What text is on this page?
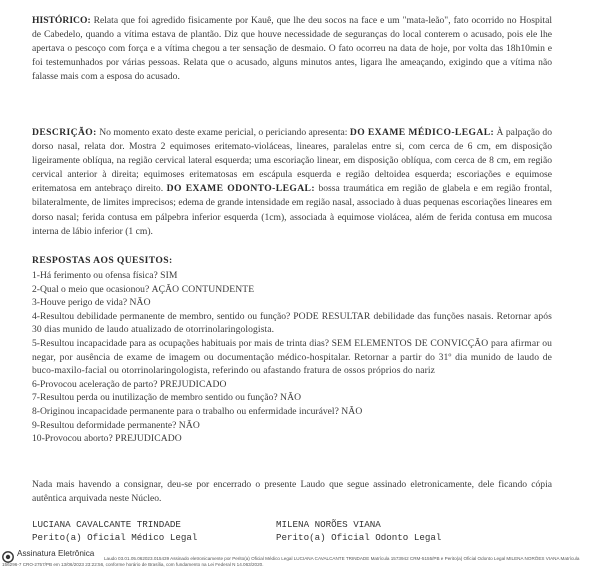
HISTÓRICO: Relata que foi agredido fisicamente por Kauê, que lhe deu socos na face e um "mata-leão", fato ocorrido no Hospital de Cabedelo, quando a vítima estava de plantão. Diz que houve necessidade de seguranças do local conterem o acusado, pois ele lhe apertava o pescoço com força e a vítima chegou a ter sensação de desmaio. O fato ocorreu na data de hoje, por volta das 18h10min e foi testemunhados por várias pessoas. Relata que o acusado, alguns minutos antes, ligara lhe ameaçando, exigindo que a vítima não falasse mais com a esposa do acusado.

DESCRIÇÃO: No momento exato deste exame pericial, o periciando apresenta: DO EXAME MÉDICO-LEGAL: À palpação do dorso nasal, relata dor. Mostra 2 equimoses eritemato-violáceas, lineares, paralelas entre si, com cerca de 6 cm, em disposição ligeiramente oblíqua, na região cervical lateral esquerda; uma escoriação linear, em disposição oblíqua, com cerca de 8 cm, em região cervical anterior à direita; equimoses eritematosas em escápula esquerda e região deltoidea esquerda; escoriações e equimose eritematosa em antebraço direito. DO EXAME ODONTO-LEGAL: bossa traumática em região de glabela e em região frontal, bilateralmente, de limites imprecisos; edema de grande intensidade em região nasal, associado à duas pequenas escoriações lineares em dorso nasal; ferida contusa em pálpebra inferior esquerda (1cm), associada à equimose violácea, além de ferida contusa em mucosa interna de lábio inferior (1 cm).

RESPOSTAS AOS QUESITOS:
1-Há ferimento ou ofensa física? SIM
2-Qual o meio que ocasionou? AÇÃO CONTUNDENTE
3-Houve perigo de vida? NÃO
4-Resultou debilidade permanente de membro, sentido ou função? PODE RESULTAR debilidade das funções nasais. Retornar após 30 dias munido de laudo atualizado de otorrinolaringologista.
5-Resultou incapacidade para as ocupações habituais por mais de trinta dias? SEM ELEMENTOS DE CONVICÇÃO para afirmar ou negar, por ausência de exame de imagem ou documentação médico-hospitalar. Retornar a partir do 31º dia munido de laudo de buco-maxilo-facial ou otorrinolaringologista, referindo ou afastando fratura de ossos próprios do nariz
6-Provocou aceleração de parto? PREJUDICADO
7-Resultou perda ou inutilização de membro sentido ou função? NÃO
8-Originou incapacidade permanente para o trabalho ou enfermidade incurável? NÃO
9-Resultou deformidade permanente? NÃO
10-Provocou aborto? PREJUDICADO

Nada mais havendo a consignar, deu-se por encerrado o presente Laudo que segue assinado eletronicamente, dele ficando cópia autêntica arquivada neste Núcleo.

LUCIANA CAVALCANTE TRINDADE
Perito(a) Oficial Médico Legal
MILENA NORÕES VIANA
Perito(a) Oficial Odonto Legal
Assinatura Eletrônica
Laudo 03.01.05.062023.015439 Assinado eletronicamente por Perito(a) Oficial Médico Legal LUCIANA CAVALCANTE TRINDADE Matrícula 1573942 CRM-5155/PB e Perito(a) Oficial Odonto Legal MILENA NORÕES VIANA Matrícula 156296-7 CRO-2757/PB em 13/06/2023 23:22:56, conforme horário de Brasília, com fundamento na Lei Federal N 14.063/2020.
